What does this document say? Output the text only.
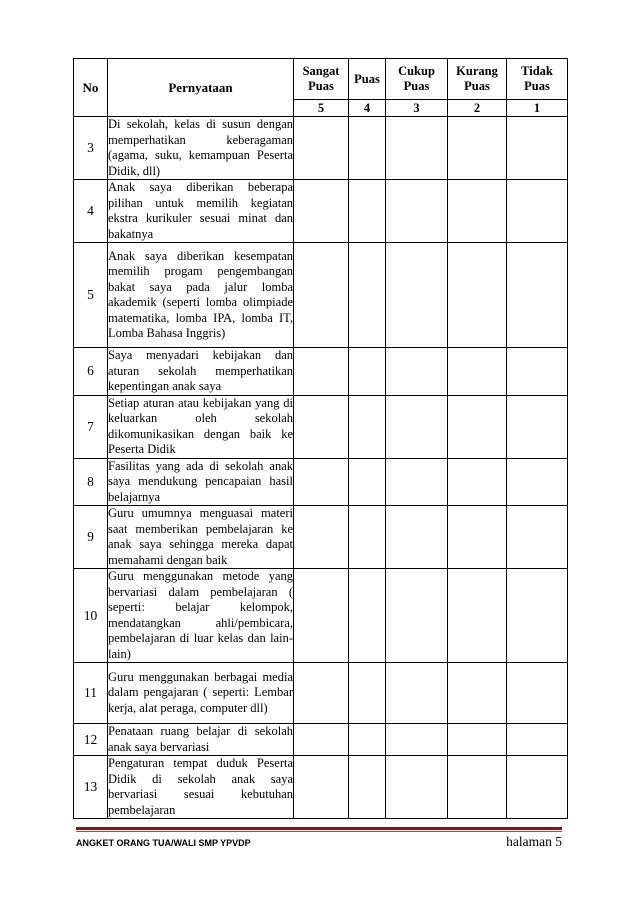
No	Pernyataan	Sangat Puas	Puas	Cukup Puas	Kurang Puas	Tidak Puas
		5	4	3	2	1
3	Di sekolah, kelas di susun dengan memperhatikan keberagaman (agama, suku, kemampuan Peserta Didik, dll)					
4	Anak saya diberikan beberapa pilihan untuk memilih kegiatan ekstra kurikuler sesuai minat dan bakatnya					
5	Anak saya diberikan kesempatan memilih progam pengembangan bakat saya pada jalur lomba akademik (seperti lomba olimpiade matematika, lomba IPA, lomba IT, Lomba Bahasa Inggris)					
6	Saya menyadari kebijakan dan aturan sekolah memperhatikan kepentingan anak saya					
7	Setiap aturan atau kebijakan yang di keluarkan oleh sekolah dikomunikasikan dengan baik ke Peserta Didik					
8	Fasilitas yang ada di sekolah anak saya mendukung pencapaian hasil belajarnya					
9	Guru umumnya menguasai materi saat memberikan pembelajaran ke anak saya sehingga mereka dapat memahami dengan baik					
10	Guru menggunakan metode yang bervariasi dalam pembelajaran ( seperti: belajar kelompok, mendatangkan ahli/pembicara, pembelajaran di luar kelas dan lain-lain)					
11	Guru menggunakan berbagai media dalam pengajaran ( seperti: Lembar kerja, alat peraga, computer dll)					
12	Penataan ruang belajar di sekolah anak saya bervariasi					
13	Pengaturan tempat duduk Peserta Didik di sekolah anak saya bervariasi sesuai kebutuhan pembelajaran					
ANGKET ORANG TUA/WALI SMP YPVDP	halaman 5
